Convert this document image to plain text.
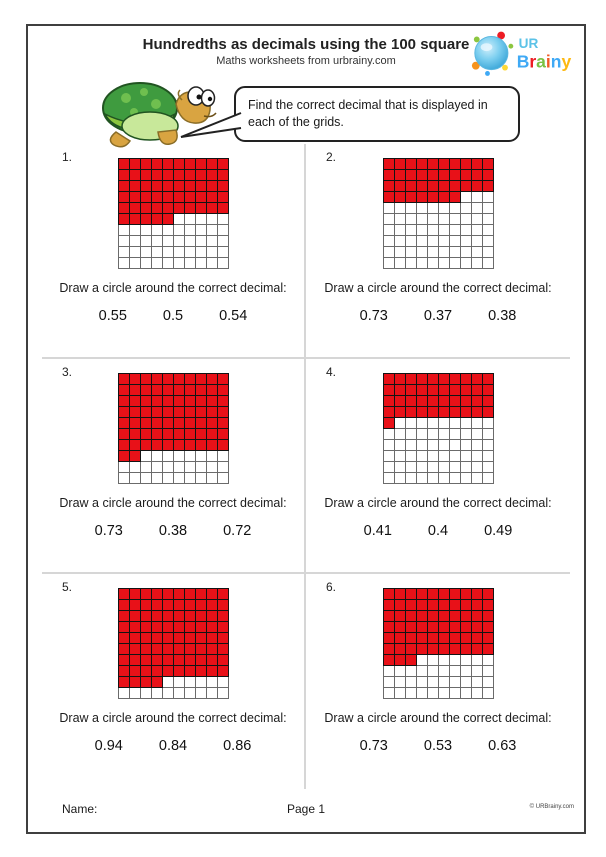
Hundredths as decimals using the 100 square
Maths worksheets from urbrainy.com
UR
Brainy
Find the correct decimal that is displayed in each of the grids.
1.

Draw a circle around the correct decimal:
0.55 0.5 0.54
2.

Draw a circle around the correct decimal:
0.73 0.37 0.38
3.

Draw a circle around the correct decimal:
0.73 0.38 0.72
4.

Draw a circle around the correct decimal:
0.41 0.4 0.49
5.

Draw a circle around the correct decimal:
0.94 0.84 0.86
6.

Draw a circle around the correct decimal:
0.73 0.53 0.63
Name:	Page 1	© URBrainy.com
